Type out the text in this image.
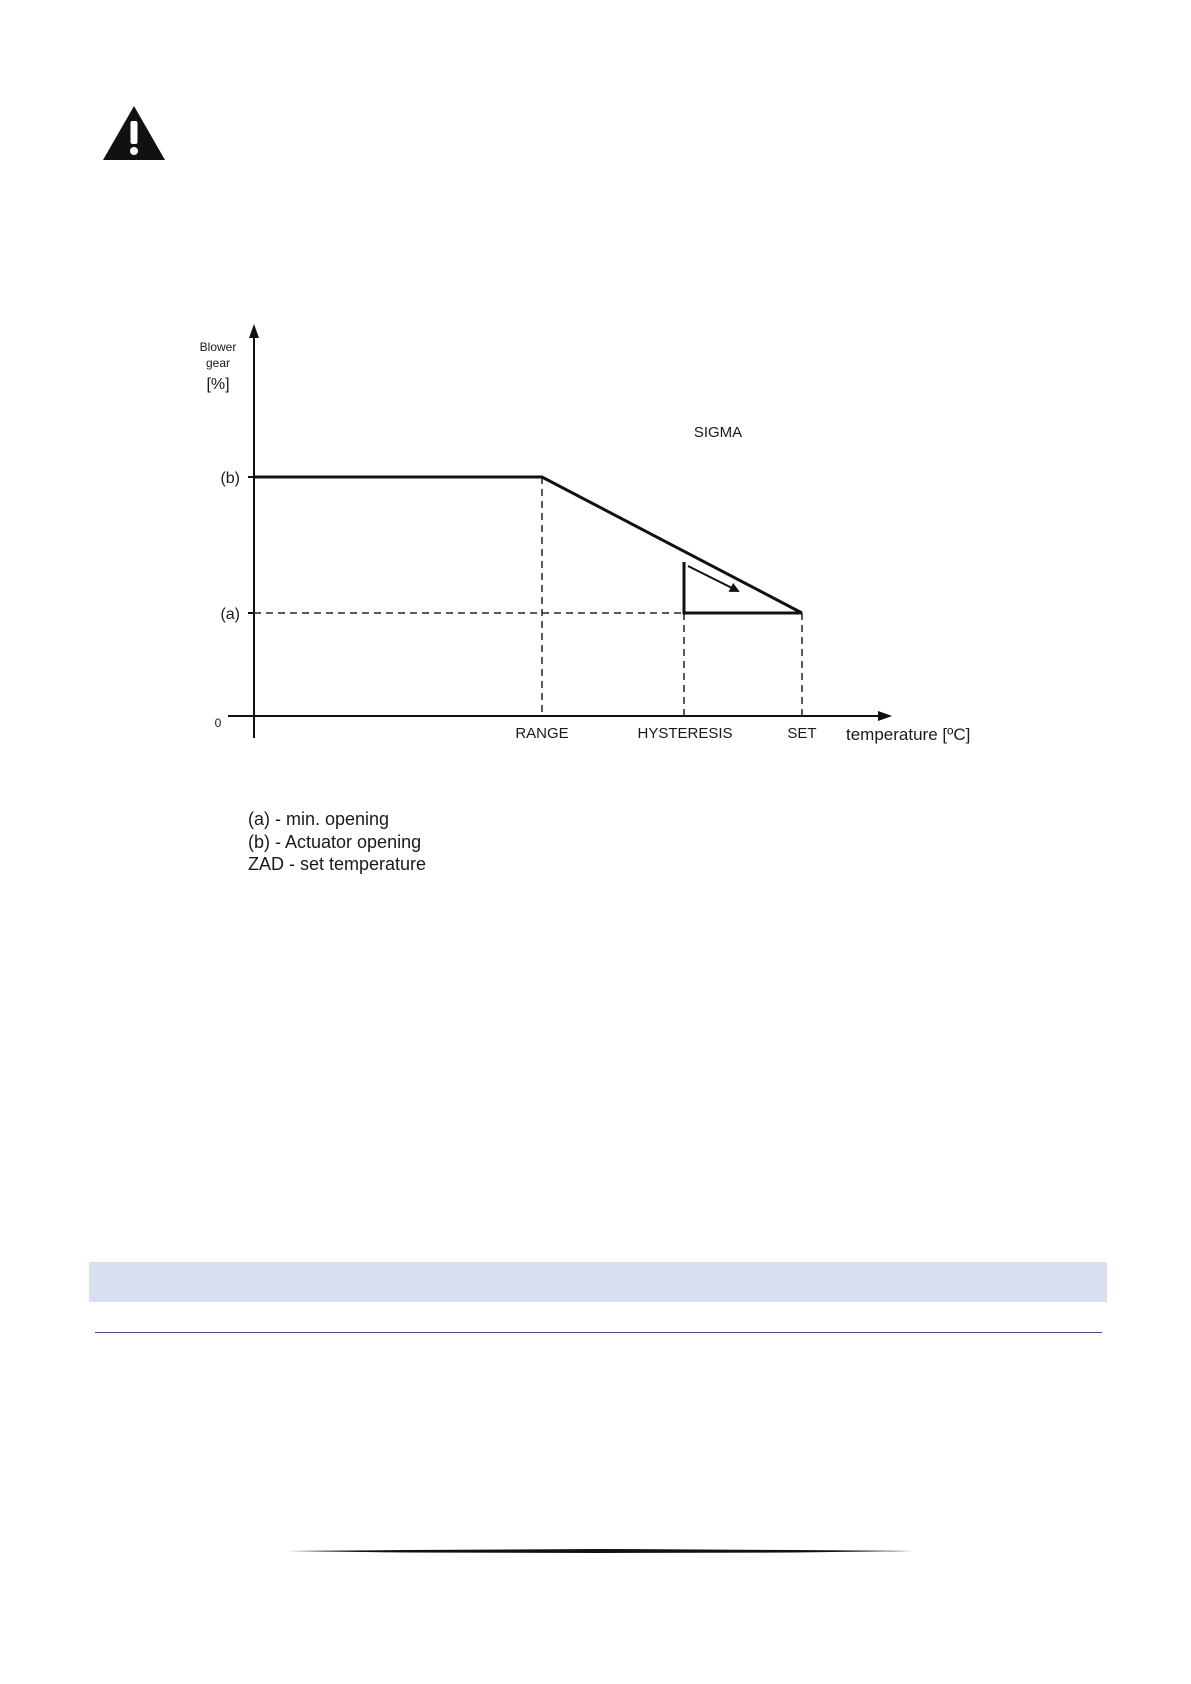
Blower
gear
[%]
0
(b)
(a)
SIGMA
RANGE	HYSTERESIS	SET temperature [ºC]
(a) - min. opening
(b) - Actuator opening
ZAD - set temperature
